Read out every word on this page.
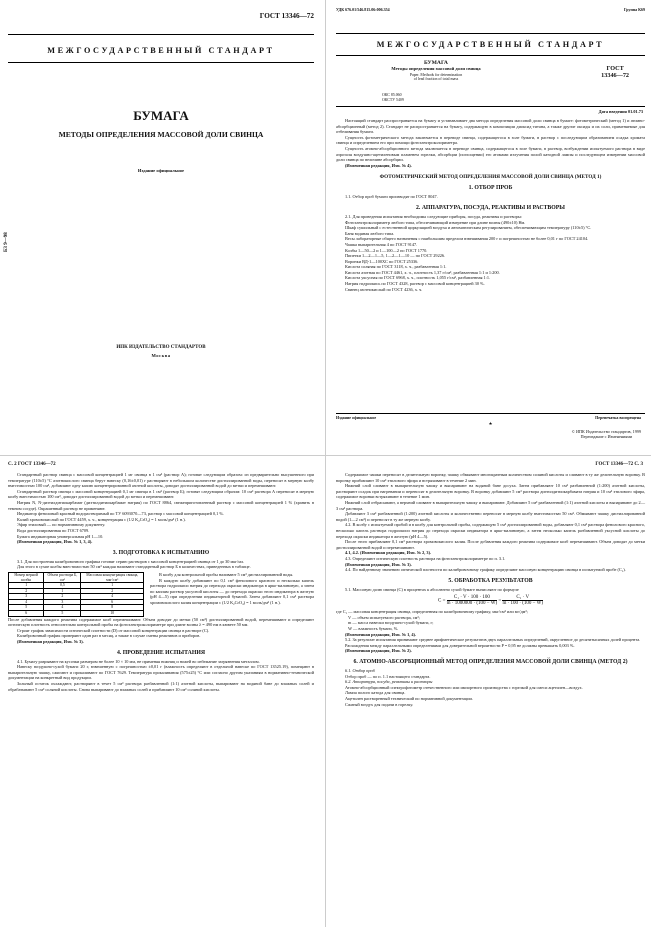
ГОСТ 13346—72
МЕЖГОСУДАРСТВЕННЫЙ СТАНДАРТ
БУМАГА
МЕТОДЫ ОПРЕДЕЛЕНИЯ МАССОВОЙ ДОЛИ СВИНЦА
Издание официальное
БЗ 9—98
ИПК ИЗДАТЕЛЬСТВО СТАНДАРТОВ
Москва
УДК 676.01/546.815.06:006.354	Группа К69
МЕЖГОСУДАРСТВЕННЫЙ СТАНДАРТ
БУМАГА
Методы определения массовой доли свинца
Paper. Methods for determination
of lead fraction of total mass
ОКС 85.060
ОКСТУ 5409
ГОСТ
13346—72
Дата введения 01.01.73

Настоящий стандарт распространяется на бумагу и устанавливает два метода определения массовой доли свинца в бумаге: фотометрический (метод 1) и атомно-абсорбционный (метод 2). Стандарт не распространяется на бумагу, содержащую в композиции диоксид титана, а также другие оксиды и их соли, применяемые для отбеливания бумаги.

Сущность фотометрического метода заключается в переводе свинца, содержащегося в золе бумаги, в раствор с последующим образованием осадка хромата свинца и определением его при помощи фотоэлектроколориметра.

Сущность атомно-абсорбционного метода заключается в переводе свинца, содержащегося в золе бумаги, в раствор, возбуждении испытуемого раствора в виде аэрозоля воздушно-ацетиленовым пламенем горелки, абсорбции (поглощении) его атомами излучения полой катодной лампы и последующем измерении массовой доли свинца по величине абсорбции.

(Измененная редакция, Изм. № 4).

ФОТОМЕТРИЧЕСКИЙ МЕТОД ОПРЕДЕЛЕНИЯ МАССОВОЙ ДОЛИ СВИНЦА (МЕТОД 1)
1. ОТБОР ПРОБ

1.1. Отбор проб бумаги производят по ГОСТ 8047.

2. АППАРАТУРА, ПОСУДА, РЕАКТИВЫ И РАСТВОРЫ

2.1. Для проведения испытания необходимы следующие приборы, посуда, реактивы и растворы:

Фотоэлектроколориметр любого типа, обеспечивающий измерение при длине волны (490±10) Нм.

Шкаф сушильный с естественной циркуляцией воздуха и автоматическим регулированием, обеспечивающим температуру (110±5) °С.

Баня водяная любого типа.

Весы лабораторные общего назначения с наибольшим пределом взвешивания 200 г и погрешностью не более 0,01 г по ГОСТ 24104.

Чашка выпарительная 4 по ГОСТ 9147.

Колбы 1—50—2 и 1—100—2 по ГОСТ 1770.

Пипетки 1—2—1—5, 1—2—1—10 — по ГОСТ 29226.

Воронки ВД-1—100ХС по ГОСТ 25336.

Кислота соляная по ГОСТ 3118, х. ч., разбавленная 1:1.

Кислота азотная по ГОСТ 4461, х. ч., плотность 1,37 г/см³, разбавленная 1:1 и 1:200.

Кислота уксусная по ГОСТ 6968, х. ч., плотность 1,055 г/см³, разбавленная 1:1.

Натрия гидроокись по ГОСТ 4328, раствор с массовой концентрацией 30 %.

Свинец азотнокислый по ГОСТ 4236, х. ч.

Издание официальное	Перепечатка воспрещена
★
© ИПК Издательство стандартов, 1999
Переиздание с Изменениями
С. 2 ГОСТ 13346—72

Стандартный раствор свинца с массовой концентрацией 1 мг свинца в 1 см³ (раствор А); готовят следующим образом: из предварительно высушенного при температуре (110±5) °С азотнокислого свинца берут навеску (0,16±0,01) г растворяют в небольшом количестве дистиллированной воды, переносят в мерную колбу вместимостью 100 см³, добавляют одну каплю концентрированной азотной кислоты, доводят дистиллированной водой до метки и перемешивают.

Стандартный раствор свинца с массовой концентрацией 0,1 мг свинца в 1 см³ (раствор Б); готовят следующим образом: 10 см³ раствора А переносят в мерную колбу вместимостью 100 см³, доводят дистиллированной водой до метки и перемешивают.

Натрия N, N-диэтилдитиокарбамат (диэтилдитиокарбамат натрия) по ГОСТ 8864, свежеприготовленный раствор с массовой концентрацией 1 % (хранить в темном сосуде). Окрашенный раствор не применяют.

Индикатор феноловый красный водорастворимый по ТУ 6093070—73, раствор с массовой концентрацией 0,1 %.

Калий хромовокислый по ГОСТ 4459, х. ч., концентрация c (1/2 K₂CrO₄) = 1 моль/дм³ (1 н.).

Эфир этиловый — по нормативному документу.

Вода дистиллированная по ГОСТ 6709.

Бумага индикаторная универсальная рН 1—10.

(Измененная редакция, Изм. № 1, 3, 4).

3. ПОДГОТОВКА К ИСПЫТАНИЮ

3.1. Для построения калибровочного графика готовят серию растворов с массовой концентрацией свинца от 1 до 30 мкг/мл.

Для этого в сухие колбы вместимостью 50 см³ каждая наливают стандартный раствор Б в количествах, приведенных в таблице.

Номер мерной колбы	Объем раствора Б, см³	Массовая концентрация свинца, мкг/см³
1	0,5	1
2	1	2
3	2	4
4	3	6
5	4	8
6	5	10

В колбу для контрольной пробы наливают 5 см³ дистиллированной воды.

В каждую колбу добавляют по 0,1 см³ фенолового красного и несколько капель раствора гидроокиси натрия до перехода окраски индикатора в ярко-малиновую, а затем по каплям раствор уксусной кислоты — до перехода окраски этого индикатора в желтую (рН 4—5) при определении индикаторной бумагой. Затем добавляют 0,1 см³ раствора хромовокислого калия концентрации c (1/2 K₂CrO₄) = 1 моль/дм³ (1 н.).

После добавления каждого реактива содержимое колб перемешивают. Объем доводят до метки (50 см³) дистиллированной водой, перемешивают и определяют оптическую плотность относительно контрольной пробы на фотоэлектроколориметре при длине волны λ = 490 нм в кювете 50 мм.

Строят график зависимости оптической плотности (D) от массовой концентрации свинца в растворе (C).

Калибровочный график проверяют один раз в месяц, а также в случае смены реактивов и приборов.

(Измененная редакция, Изм. № 3).

4. ПРОВЕДЕНИЕ ИСПЫТАНИЯ

4.1. Бумагу разрывают на кусочки размером не более 10 × 10 мм, не применяя ножниц и ножей во избежание загрязнения металлом.

Навеску воздушно-сухой бумаги 20 г, взвешенную с погрешностью ±0,01 г (влажность определяют в отдельной навеске по ГОСТ 13525.19), помещают в выпарительную чашку, сжигают и прокаливают по ГОСТ 7629. Температура прокаливания (575±25) °С или согласно другим указаниям в нормативно-технической документации на конкретный вид продукции.

Зольный остаток охлаждают, растворяют в течет 5 см³ раствора разбавленной (1:1) азотной кислоты, выпаривают на водяной бане до влажных солей и обрабатывают 5 см³ соляной кислоты. Снова выпаривают до влажных солей и прибавляют 10 см³ соляной кислоты.

ГОСТ 13346—72 С. 3

Содержимое чашки переносят в делительную воронку, чашку обмывают многократным количеством соляной кислоты и сливают в ту же делительную воронку. В воронку прибавляют 10 см³ этилового эфира и встряхивают в течение 2 мин.

Нижний слой сливают в выпарительную чашку и выпаривают на водяной бане досуха. Затем прибавляют 10 см³ разбавленной (1:200) азотной кислоты, растворяют осадок при нагревании и переносят в делительную воронку. В воронку добавляют 5 см³ раствора диэтилдитиокарбамата натрия и 10 см³ этилового эфира, содержимое воронки встряхивают в течение 1 мин.

Нижний слой отбрасывают, а верхний сливают в выпарительную чашку и выпаривают. Добавляют 5 см³ разбавленной (1:1) азотной кислоты и выпаривают до 2—3 см³ раствора.

Добавляют 3 см³ разбавленной (1:200) азотной кислоты и количественно переносят в мерную колбу вместимостью 50 см³. Обмывают чашку дистиллированной водой (1—2 см³) и переносят в ту же мерную колбу.

4.2. В колбу с испытуемой пробой и в колбу для контрольной пробы, содержащую 5 см³ дистиллированной воды, добавляют 0,1 см³ раствора фенолового красного, несколько капель раствора гидроокиси натрия до перехода окраски индикатора в ярко-малиновую, а затем несколько капель разбавленной уксусной кислоты до перехода окраски индикатора в желтую (рН 4—5).

После этого прибавляют 0,1 см³ раствора хромовокислого калия. После добавления каждого реактива содержимое колб перемешивают. Объем доводят до метки дистиллированной водой и перемешивают.

4.1, 4.2. (Измененная редакция, Изм. № 2, 3).

4.3. Определяют оптическую плотность раствора на фотоэлектроколориметре по п. 3.1.

(Измененная редакция, Изм. № 3).

4.4. По найденному значению оптической плотности по калибровочному графику определяют массовую концентрацию свинца в испытуемой пробе (C₁).

5. ОБРАБОТКА РЕЗУЛЬТАТОВ

5.1. Массовую долю свинца (C) в процентах к абсолютно сухой бумаге вычисляют по формуле

$C = \frac{\text{C₁ · V · 100 · 100}}{m \cdot 1000000 \cdot (100 - W)} = \frac{\text{C₁ · V}}{m \cdot 100 \cdot (100 - W)}$

где C₁ — массовая концентрация свинца, определенная по калибровочному графику, мкг/см³ или мг/дм³;

V — объем испытуемого раствора, см³;

m — масса навески воздушно-сухой бумаги, г;

W — влажность бумаги, %.

(Измененная редакция, Изм. № 1, 4).

5.2. За результат испытания принимают среднее арифметическое результатов двух параллельных определений, округленное до десятитысячных долей процента.

Расхождения между параллельными определениями для доверительной вероятности P = 0,95 не должны превышать 0,003 %.

(Измененная редакция, Изм. № 2).

6. АТОМНО-АБСОРБЦИОННЫЙ МЕТОД ОПРЕДЕЛЕНИЯ МАССОВОЙ ДОЛИ СВИНЦА (МЕТОД 2)

6.1. Отбор проб

Отбор проб — по п. 1.1 настоящего стандарта.

6.2. Аппаратура, посуда, реактивы и растворы

Атомно-абсорбционный спектрофотометр отечественного или импортного производства с горелкой для смеси ацетилен—воздух.

Лампа полого катода для свинца.

Ацетилен растворенный технический по нормативной документации.

Сжатый воздух для подачи в горелку.
